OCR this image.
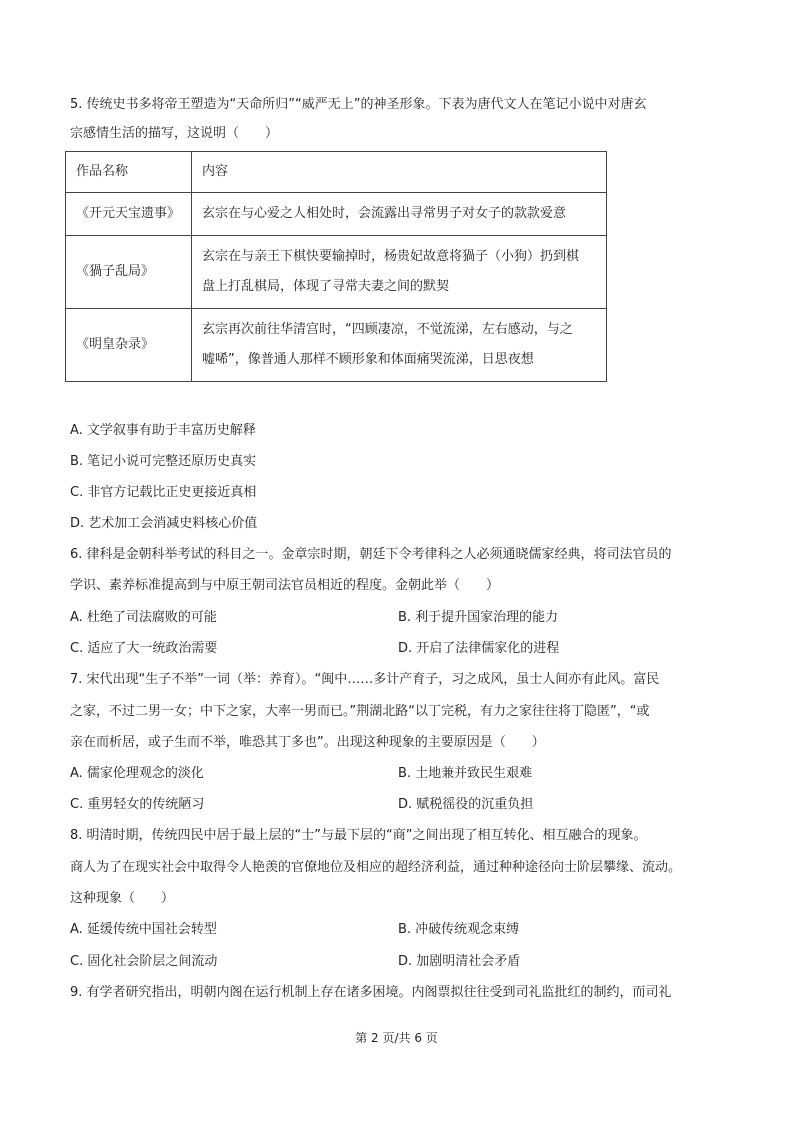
5. 传统史书多将帝王塑造为“天命所归”“威严无上”的神圣形象。下表为唐代文人在笔记小说中对唐玄
宗感情生活的描写，这说明（　　）
作品名称	内容
《开元天宝遗事》	玄宗在与心爱之人相处时，会流露出寻常男子对女子的款款爱意

《猧子乱局》	玄宗在与亲王下棋快要输掉时，杨贵妃故意将猧子（小狗）扔到棋
盘上打乱棋局，体现了寻常夫妻之间的默契

《明皇杂录》	玄宗再次前往华清宫时，“四顾凄凉，不觉流涕，左右感动，与之
嘘唏”，像普通人那样不顾形象和体面痛哭流涕，日思夜想
A. 文学叙事有助于丰富历史解释
B. 笔记小说可完整还原历史真实
C. 非官方记载比正史更接近真相
D. 艺术加工会消减史料核心价值
6. 律科是金朝科举考试的科目之一。金章宗时期，朝廷下令考律科之人必须通晓儒家经典，将司法官员的
学识、素养标准提高到与中原王朝司法官员相近的程度。金朝此举（　　）
A. 杜绝了司法腐败的可能	B. 利于提升国家治理的能力
C. 适应了大一统政治需要	D. 开启了法律儒家化的进程
7. 宋代出现“生子不举”一词（举：养育）。“闽中……多计产育子，习之成风，虽士人间亦有此风。富民
之家，不过二男一女；中下之家，大率一男而已。”荆湖北路“以丁完税，有力之家往往将丁隐匿”，“或
亲在而析居，或子生而不举，唯恐其丁多也”。出现这种现象的主要原因是（　　）
A. 儒家伦理观念的淡化	B. 土地兼并致民生艰难
C. 重男轻女的传统陋习	D. 赋税徭役的沉重负担
8. 明清时期，传统四民中居于最上层的“士”与最下层的“商”之间出现了相互转化、相互融合的现象。
商人为了在现实社会中取得令人艳羡的官僚地位及相应的超经济利益，通过种种途径向士阶层攀缘、流动。
这种现象（　　）
A. 延缓传统中国社会转型	B. 冲破传统观念束缚
C. 固化社会阶层之间流动	D. 加剧明清社会矛盾
9. 有学者研究指出，明朝内阁在运行机制上存在诸多困境。内阁票拟往往受到司礼监批红的制约，而司礼
第 2 页/共 6 页
